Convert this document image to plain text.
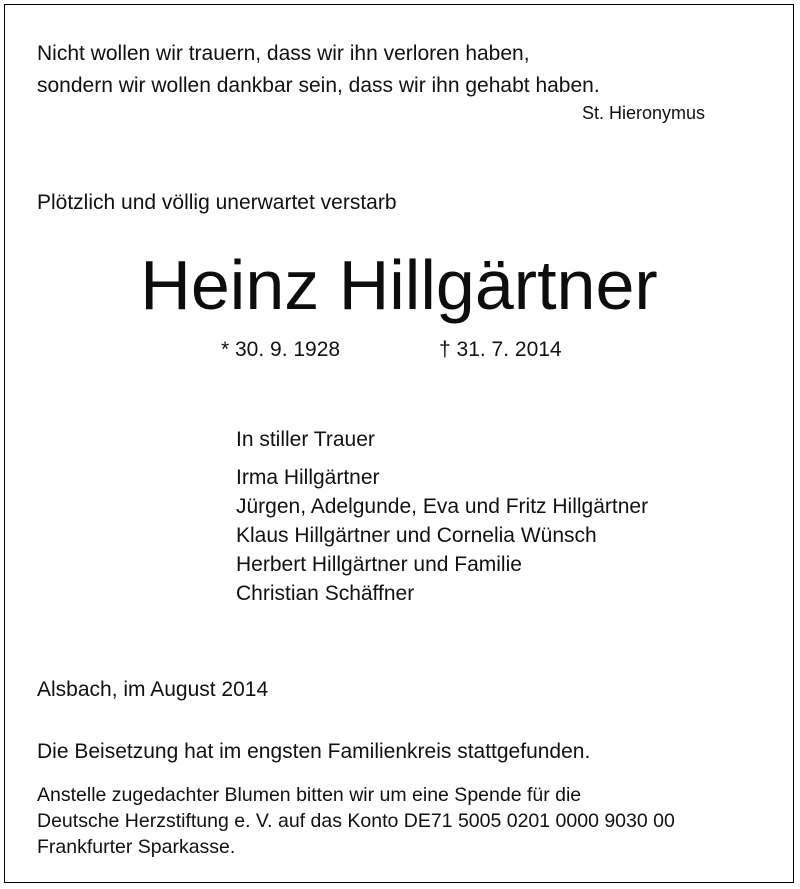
Nicht wollen wir trauern, dass wir ihn verloren haben,
sondern wir wollen dankbar sein, dass wir ihn gehabt haben.
St. Hieronymus
Plötzlich und völlig unerwartet verstarb
Heinz Hillgärtner
* 30. 9. 1928	† 31. 7. 2014
In stiller Trauer
Irma Hillgärtner
Jürgen, Adelgunde, Eva und Fritz Hillgärtner
Klaus Hillgärtner und Cornelia Wünsch
Herbert Hillgärtner und Familie
Christian Schäffner
Alsbach, im August 2014
Die Beisetzung hat im engsten Familienkreis stattgefunden.
Anstelle zugedachter Blumen bitten wir um eine Spende für die
Deutsche Herzstiftung e. V. auf das Konto DE71 5005 0201 0000 9030 00
Frankfurter Sparkasse.
